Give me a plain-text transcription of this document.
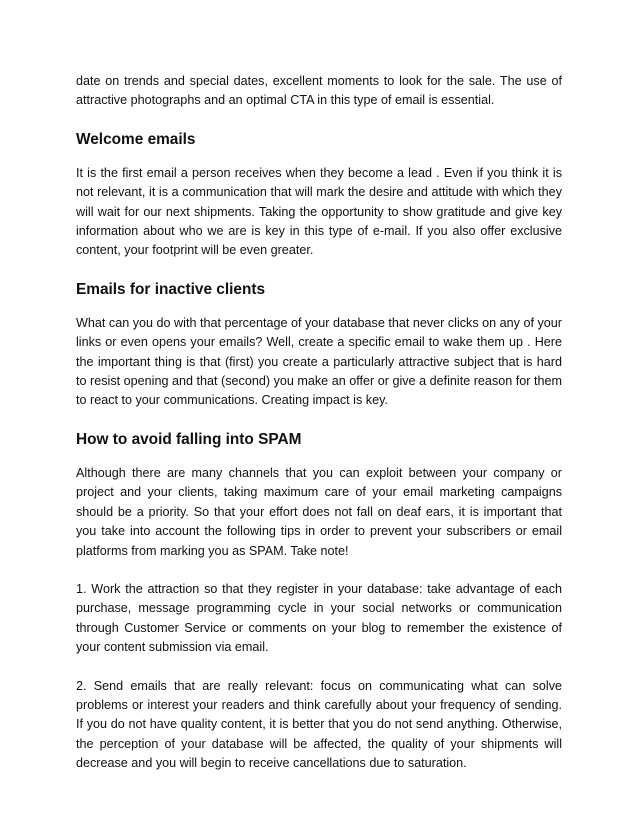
date on trends and special dates, excellent moments to look for the sale. The use of attractive photographs and an optimal CTA in this type of email is essential.

Welcome emails

It is the first email a person receives when they become a lead . Even if you think it is not relevant, it is a communication that will mark the desire and attitude with which they will wait for our next shipments. Taking the opportunity to show gratitude and give key information about who we are is key in this type of e-mail. If you also offer exclusive content, your footprint will be even greater.

Emails for inactive clients

What can you do with that percentage of your database that never clicks on any of your links or even opens your emails? Well, create a specific email to wake them up . Here the important thing is that (first) you create a particularly attractive subject that is hard to resist opening and that (second) you make an offer or give a definite reason for them to react to your communications. Creating impact is key.

How to avoid falling into SPAM

Although there are many channels that you can exploit between your company or project and your clients, taking maximum care of your email marketing campaigns should be a priority. So that your effort does not fall on deaf ears, it is important that you take into account the following tips in order to prevent your subscribers or email platforms from marking you as SPAM. Take note!

1. Work the attraction so that they register in your database: take advantage of each purchase, message programming cycle in your social networks or communication through Customer Service or comments on your blog to remember the existence of your content submission via email.

2. Send emails that are really relevant: focus on communicating what can solve problems or interest your readers and think carefully about your frequency of sending. If you do not have quality content, it is better that you do not send anything. Otherwise, the perception of your database will be affected, the quality of your shipments will decrease and you will begin to receive cancellations due to saturation.
